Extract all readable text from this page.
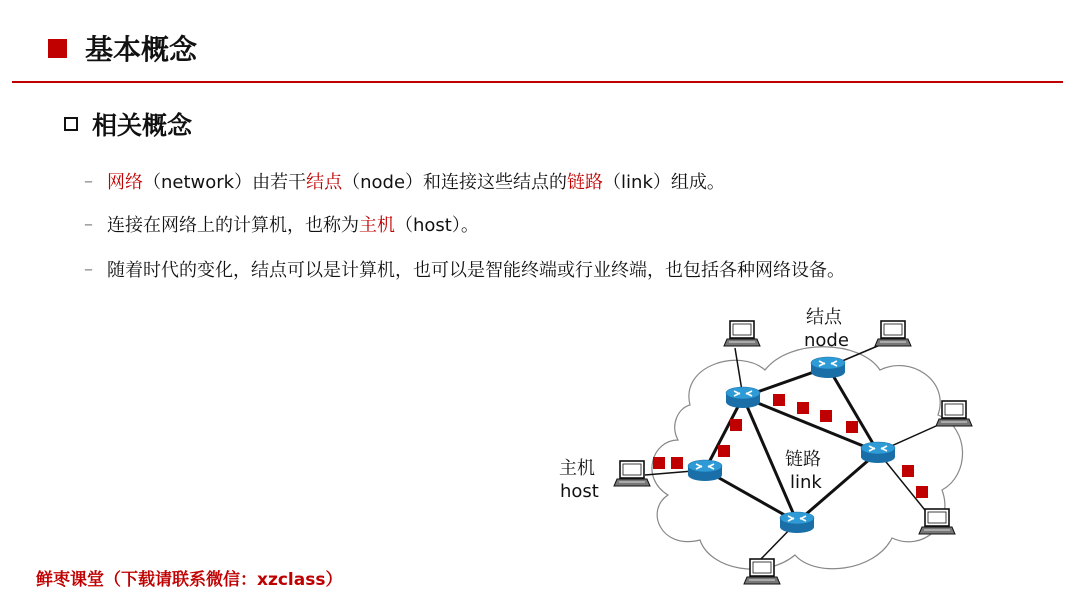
基本概念
相关概念
– 网络 （network）由若干 结点 （node）和连接这些结点的 链路 （link）组成。
– 连接在网络上的计算机，也称为 主机 （host）。
– 随着时代的变化，结点可以是计算机，也可以是智能终端或行业终端，也包括各种网络设备。
结点
node
链路
link
主机
host
鲜枣课堂（下载请联系微信：xzclass）
